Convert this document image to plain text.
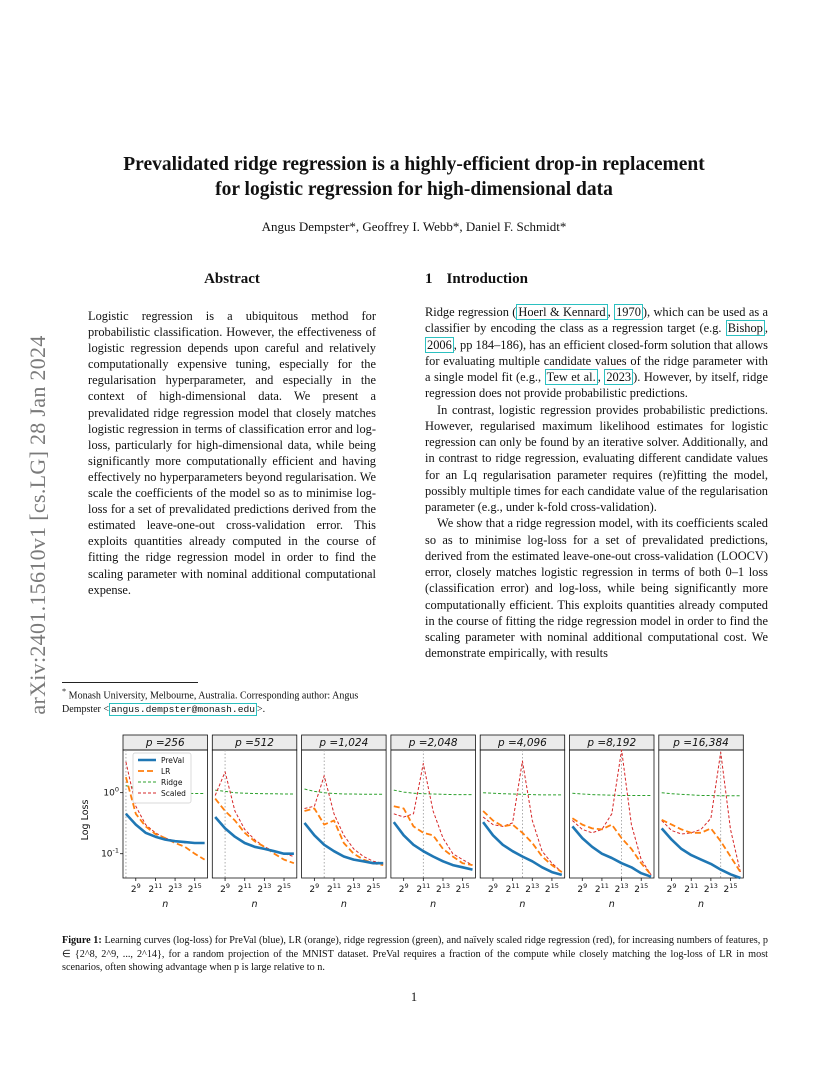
arXiv:2401.15610v1 [cs.LG] 28 Jan 2024
Prevalidated ridge regression is a highly-efficient drop-in replacement
for logistic regression for high-dimensional data
Angus Dempster*, Geoffrey I. Webb*, Daniel F. Schmidt*
Abstract
Logistic regression is a ubiquitous method for probabilistic classification. However, the effectiveness of logistic regression depends upon careful and relatively computationally expensive tuning, especially for the regularisation hyperparameter, and especially in the context of high-dimensional data. We present a prevalidated ridge regression model that closely matches logistic regression in terms of classification error and log-loss, particularly for high-dimensional data, while being significantly more computationally efficient and having effectively no hyperparameters beyond regularisation. We scale the coefficients of the model so as to minimise log-loss for a set of prevalidated predictions derived from the estimated leave-one-out cross-validation error. This exploits quantities already computed in the course of fitting the ridge regression model in order to find the scaling parameter with nominal additional computational expense.
1 Introduction

Ridge regression ( Hoerl & Kennard , 1970 ), which can be used as a classifier by encoding the class as a regression target (e.g. Bishop , 2006 , pp 184–186), has an efficient closed-form solution that allows for evaluating multiple candidate values of the ridge parameter with a single model fit (e.g., Tew et al. , 2023 ). However, by itself, ridge regression does not provide probabilistic predictions.

In contrast, logistic regression provides probabilistic predictions. However, regularised maximum likelihood estimates for logistic regression can only be found by an iterative solver. Additionally, and in contrast to ridge regression, evaluating different candidate values for an Lq regularisation parameter requires (re)fitting the model, possibly multiple times for each candidate value of the regularisation parameter (e.g., under k-fold cross-validation).

We show that a ridge regression model, with its coefficients scaled so as to minimise log-loss for a set of prevalidated predictions, derived from the estimated leave-one-out cross-validation (LOOCV) error, closely matches logistic regression in terms of both 0–1 loss (classification error) and log-loss, while being significantly more computationally efficient. This exploits quantities already computed in the course of fitting the ridge regression model in order to find the scaling parameter with nominal additional computational cost. We demonstrate empirically, with results

* Monash University, Melbourne, Australia. Corresponding author: Angus Dempster < angus.dempster@monash.edu >.
Log Loss
p =256
$2^9$ $2^{11}$ $2^{13}$ $2^{15}$
n
$10^0$
$10^{-1}$
PreVal
LR
Ridge
Scaled
p =512
$2^9$ $2^{11}$ $2^{13}$ $2^{15}$
n
p =1,024
$2^9$ $2^{11}$ $2^{13}$ $2^{15}$
n
p =2,048
$2^9$ $2^{11}$ $2^{13}$ $2^{15}$
n
p =4,096
$2^9$ $2^{11}$ $2^{13}$ $2^{15}$
n
p =8,192
$2^9$ $2^{11}$ $2^{13}$ $2^{15}$
n
p =16,384
$2^9$ $2^{11}$ $2^{13}$ $2^{15}$
n
Figure 1: Learning curves (log-loss) for PreVal (blue), LR (orange), ridge regression (green), and naïvely scaled ridge regression (red), for increasing numbers of features, p ∈ {2^8, 2^9, ..., 2^14}, for a random projection of the MNIST dataset. PreVal requires a fraction of the compute while closely matching the log-loss of LR in most scenarios, often showing advantage when p is large relative to n.
1
